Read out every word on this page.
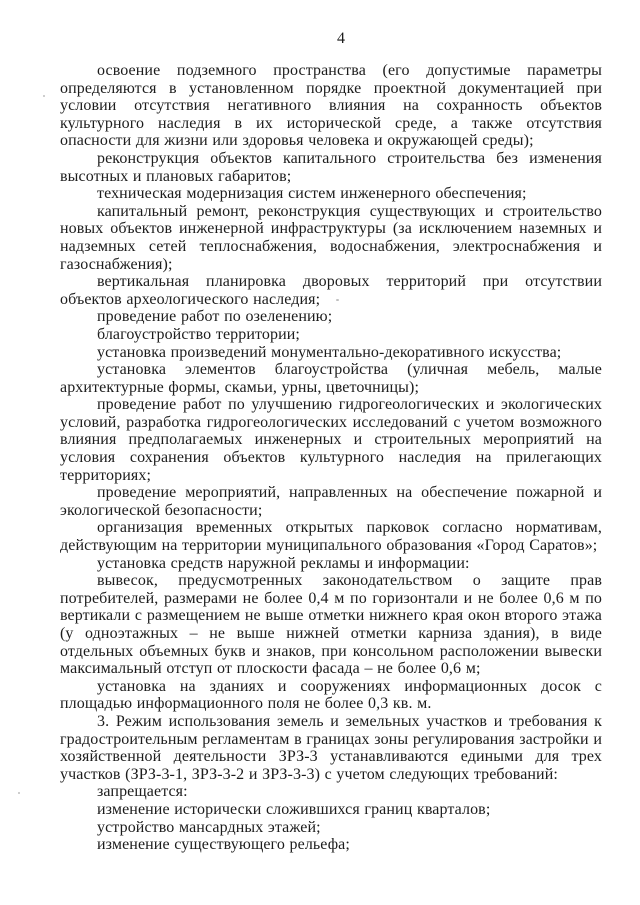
4

освоение подземного пространства (его допустимые параметры определяются в установленном порядке проектной документацией при условии отсутствия негативного влияния на сохранность объектов культурного наследия в их исторической среде, а также отсутствия опасности для жизни или здоровья человека и окружающей среды);

реконструкция объектов капитального строительства без изменения высотных и плановых габаритов;

техническая модернизация систем инженерного обеспечения;

капитальный ремонт, реконструкция существующих и строительство новых объектов инженерной инфраструктуры (за исключением наземных и надземных сетей теплоснабжения, водоснабжения, электроснабжения и газоснабжения);

вертикальная планировка дворовых территорий при отсутствии объектов археологического наследия;

проведение работ по озеленению;

благоустройство территории;

установка произведений монументально-декоративного искусства;

установка элементов благоустройства (уличная мебель, малые архитектурные формы, скамьи, урны, цветочницы);

проведение работ по улучшению гидрогеологических и экологических условий, разработка гидрогеологических исследований с учетом возможного влияния предполагаемых инженерных и строительных мероприятий на условия сохранения объектов культурного наследия на прилегающих территориях;

проведение мероприятий, направленных на обеспечение пожарной и экологической безопасности;

организация временных открытых парковок согласно нормативам, действующим на территории муниципального образования «Город Саратов»;

установка средств наружной рекламы и информации:

вывесок, предусмотренных законодательством о защите прав потребителей, размерами не более 0,4 м по горизонтали и не более 0,6 м по вертикали с размещением не выше отметки нижнего края окон второго этажа (у одноэтажных – не выше нижней отметки карниза здания), в виде отдельных объемных букв и знаков, при консольном расположении вывески максимальный отступ от плоскости фасада – не более 0,6 м;

установка на зданиях и сооружениях информационных досок с площадью информационного поля не более 0,3 кв. м.

3. Режим использования земель и земельных участков и требования к градостроительным регламентам в границах зоны регулирования застройки и хозяйственной деятельности ЗРЗ-3 устанавливаются едиными для трех участков (ЗРЗ-3-1, ЗРЗ-3-2 и ЗРЗ-3-3) с учетом следующих требований:

запрещается:

изменение исторически сложившихся границ кварталов;

устройство мансардных этажей;

изменение существующего рельефа;
